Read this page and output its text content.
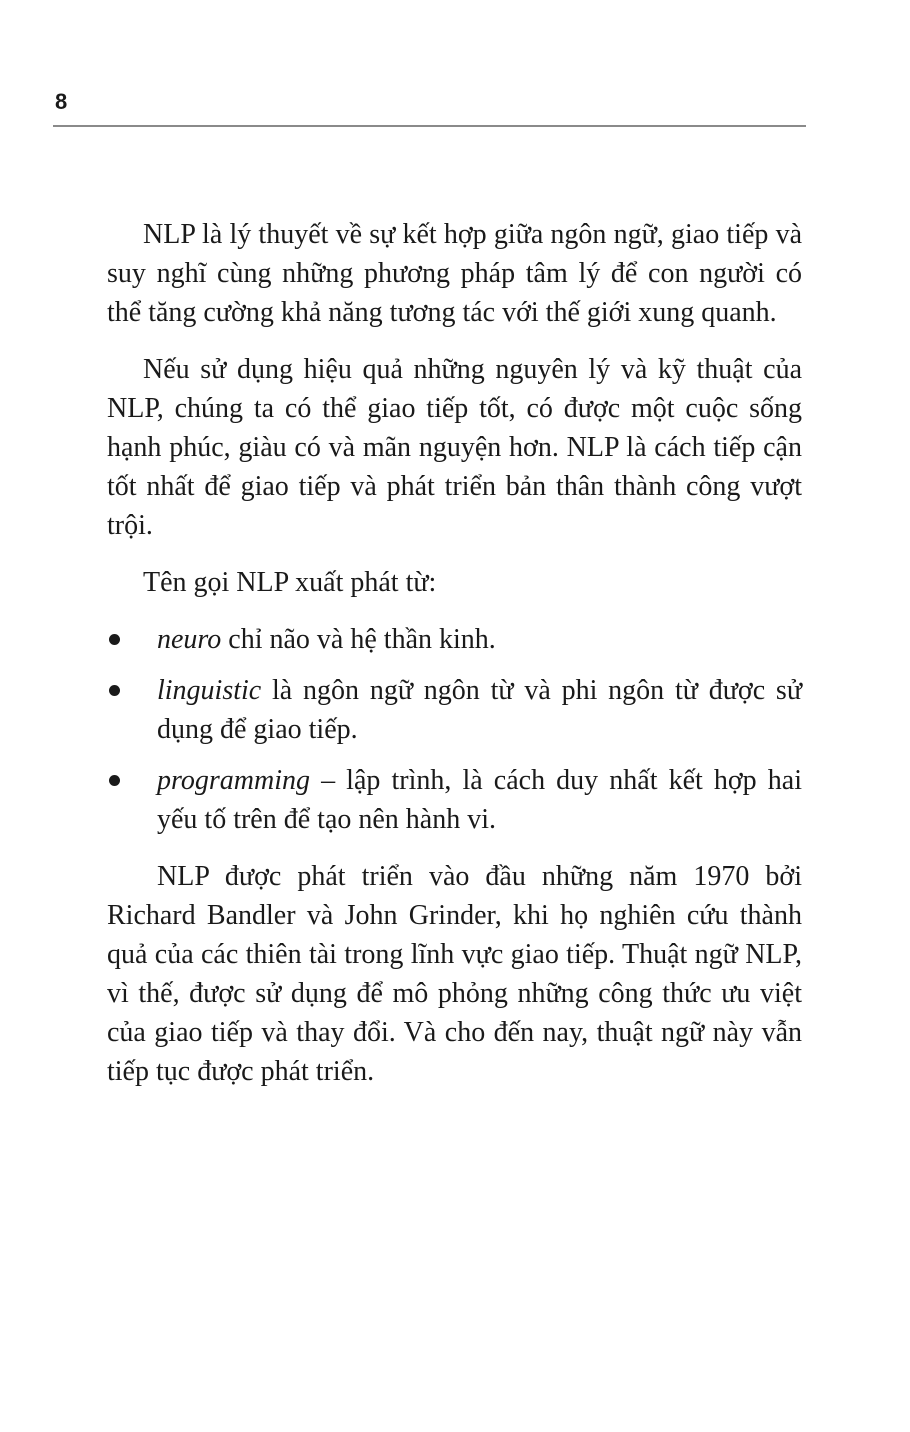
8

NLP là lý thuyết về sự kết hợp giữa ngôn ngữ, giao tiếp và suy nghĩ cùng những phương pháp tâm lý để con người có thể tăng cường khả năng tương tác với thế giới xung quanh.

Nếu sử dụng hiệu quả những nguyên lý và kỹ thuật của NLP, chúng ta có thể giao tiếp tốt, có được một cuộc sống hạnh phúc, giàu có và mãn nguyện hơn. NLP là cách tiếp cận tốt nhất để giao tiếp và phát triển bản thân thành công vượt trội.

Tên gọi NLP xuất phát từ:

neuro chỉ não và hệ thần kinh.
linguistic là ngôn ngữ ngôn từ và phi ngôn từ được sử dụng để giao tiếp.
programming – lập trình, là cách duy nhất kết hợp hai yếu tố trên để tạo nên hành vi.

NLP được phát triển vào đầu những năm 1970 bởi Richard Bandler và John Grinder, khi họ nghiên cứu thành quả của các thiên tài trong lĩnh vực giao tiếp. Thuật ngữ NLP, vì thế, được sử dụng để mô phỏng những công thức ưu việt của giao tiếp và thay đổi. Và cho đến nay, thuật ngữ này vẫn tiếp tục được phát triển.
